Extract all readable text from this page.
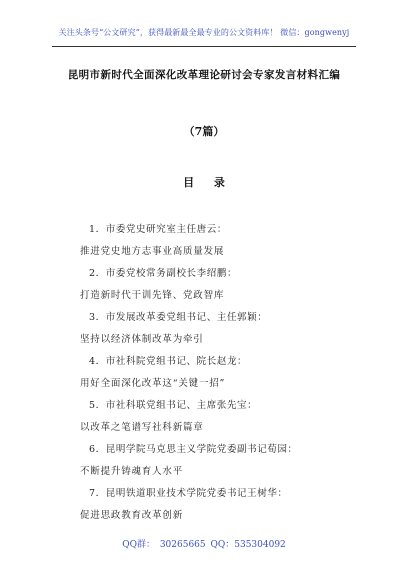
关注头条号“公文研究”，获得最新最全最专业的公文资料库！ 微信：gongwenyj
昆明市新时代全面深化改革理论研讨会专家发言材料汇编
（7篇）
目 录
1．市委党史研究室主任唐云：
推进党史地方志事业高质量发展
2．市委党校常务副校长李绍鹏：
打造新时代干训先锋、党政智库
3．市发展改革委党组书记、主任郭颖：
坚持以经济体制改革为牵引
4．市社科院党组书记、院长赵龙：
用好全面深化改革这“关键一招”
5．市社科联党组书记、主席张先宝：
以改革之笔谱写社科新篇章
6．昆明学院马克思主义学院党委副书记荀园：
不断提升铸魂育人水平
7．昆明铁道职业技术学院党委书记王树华：
促进思政教育改革创新
QQ群： 30265665 QQ：535304092
